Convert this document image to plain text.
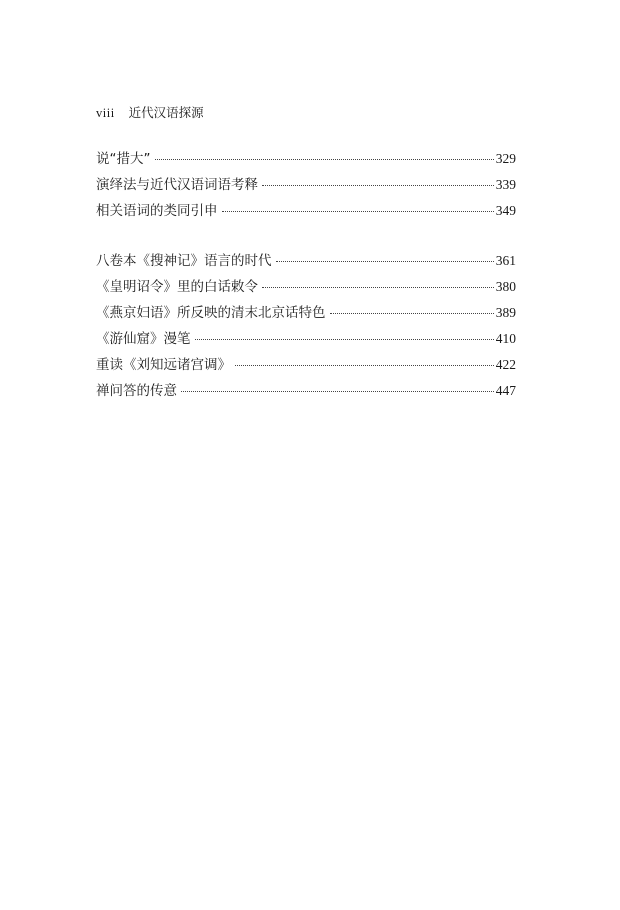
viii 近代汉语探源
说“措大”	329
演绎法与近代汉语词语考释	339
相关语词的类同引申	349
八卷本《搜神记》语言的时代	361
《皇明诏令》里的白话敕令	380
《燕京妇语》所反映的清末北京话特色	389
《游仙窟》漫笔	410
重读《刘知远诸宫调》	422
禅问答的传意	447
